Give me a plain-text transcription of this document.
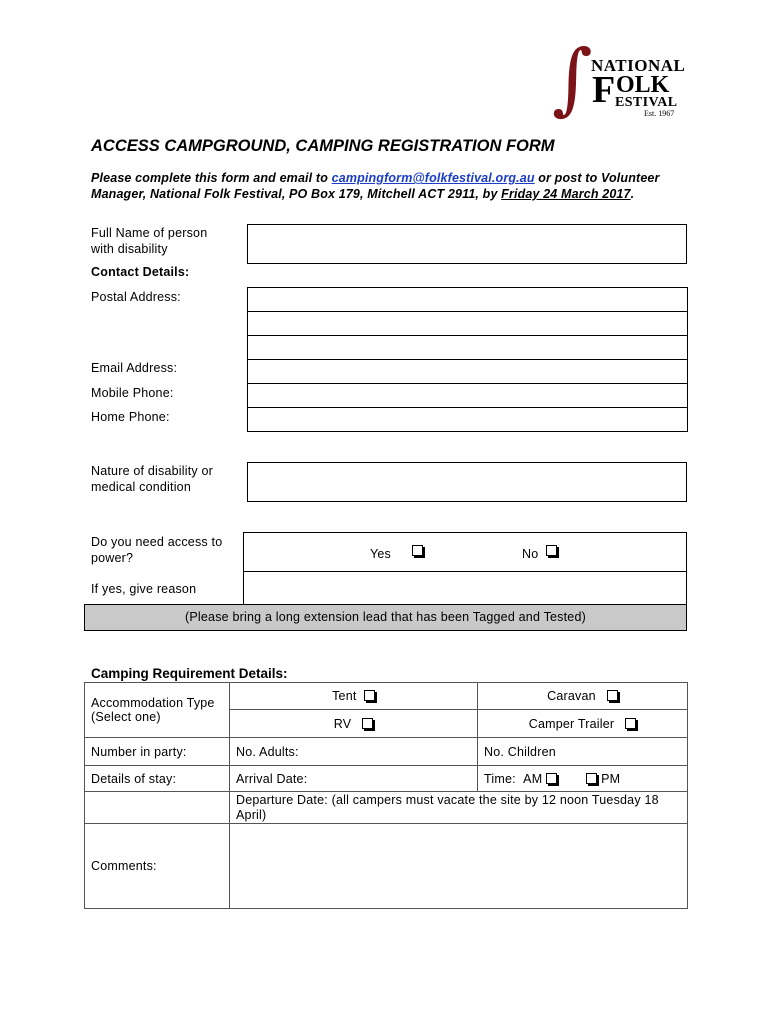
∫
NATIONAL
F OLK
ESTIVAL
Est. 1967
ACCESS CAMPGROUND, CAMPING REGISTRATION FORM
Please complete this form and email to campingform@folkfestival.org.au or post to Volunteer Manager, National Folk Festival, PO Box 179, Mitchell ACT 2911, by Friday 24 March 2017.
Full Name of person with disability
Contact Details:
Postal Address:
Email Address:
Mobile Phone:
Home Phone:
Nature of disability or medical condition
Do you need access to power?	Yes	No
If yes, give reason
(Please bring a long extension lead that has been Tagged and Tested)
Camping Requirement Details:
Accommodation Type (Select one)	Tent	Caravan
	RV	Camper Trailer
Number in party:	No. Adults:	No. Children
Details of stay:	Arrival Date:	Time: AM PM
	Departure Date: (all campers must vacate the site by 12 noon Tuesday 18 April)	
Comments:		
